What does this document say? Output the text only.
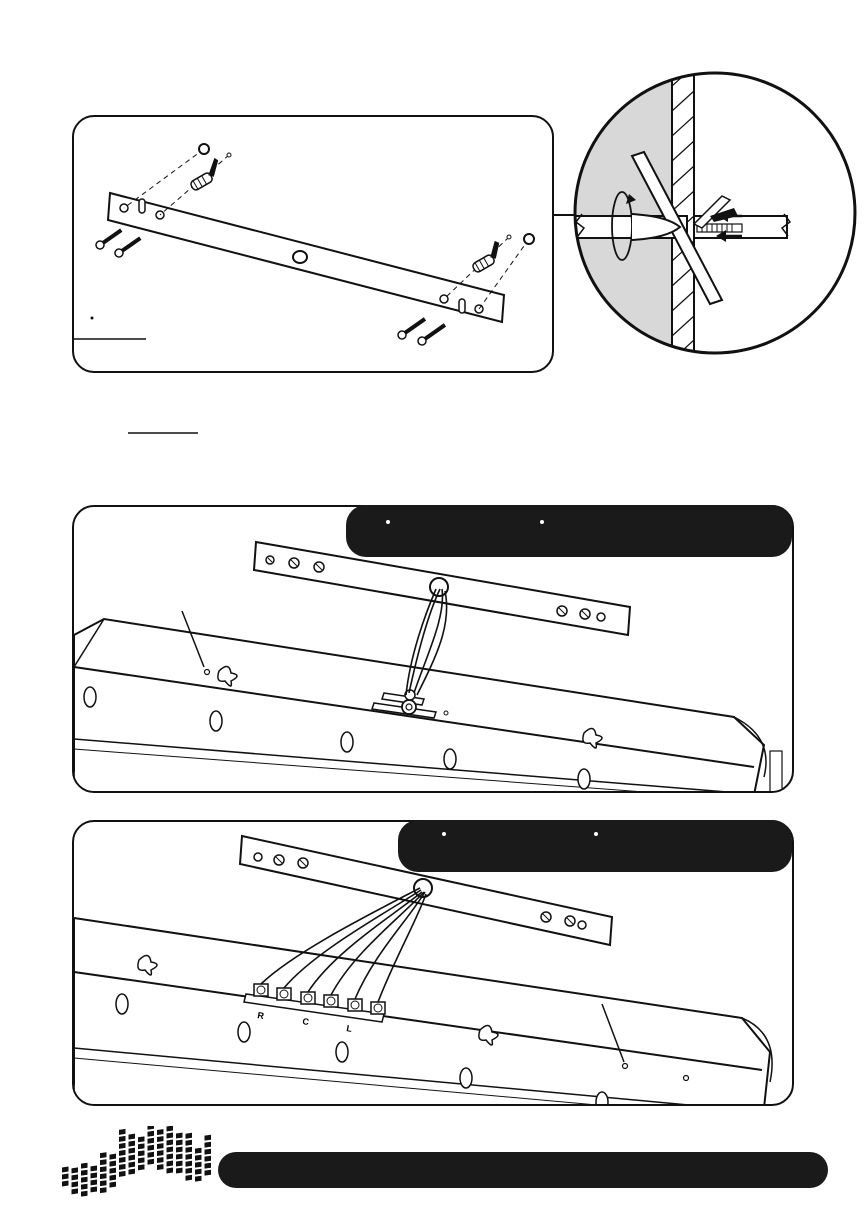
R
C
L
